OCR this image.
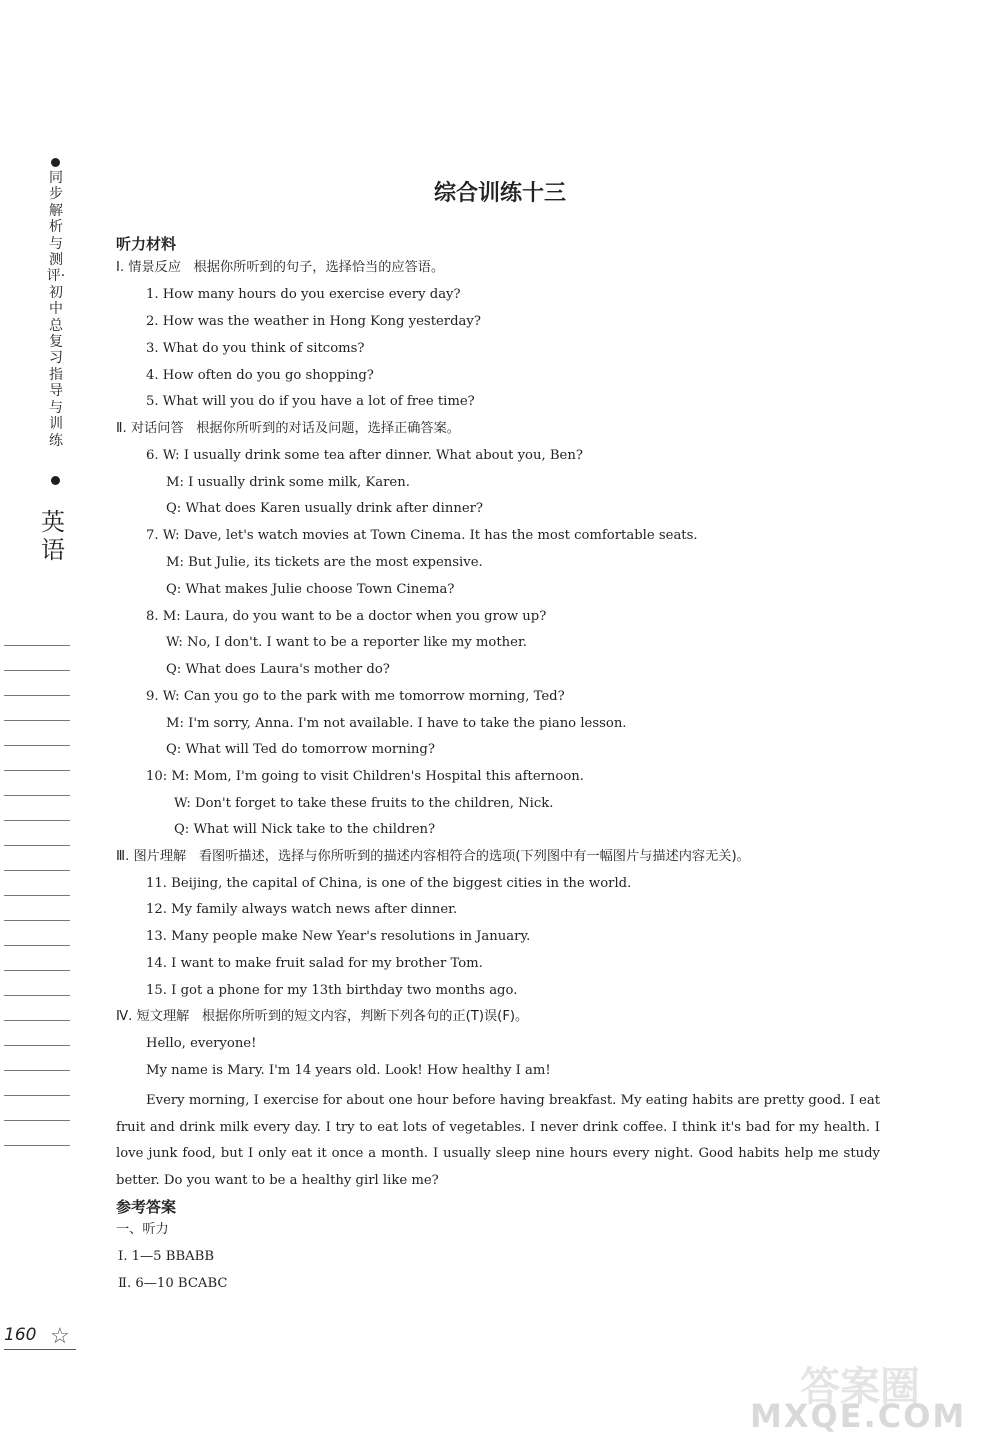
同步解析与测评·初中总复习指导与训练
英语
综合训练十三
听力材料
Ⅰ. 情景反应 根据你所听到的句子，选择恰当的应答语。
1. How many hours do you exercise every day?
2. How was the weather in Hong Kong yesterday?
3. What do you think of sitcoms?
4. How often do you go shopping?
5. What will you do if you have a lot of free time?
Ⅱ. 对话问答 根据你所听到的对话及问题，选择正确答案。
6. W: I usually drink some tea after dinner. What about you, Ben?
M: I usually drink some milk, Karen.
Q: What does Karen usually drink after dinner?
7. W: Dave, let's watch movies at Town Cinema. It has the most comfortable seats.
M: But Julie, its tickets are the most expensive.
Q: What makes Julie choose Town Cinema?
8. M: Laura, do you want to be a doctor when you grow up?
W: No, I don't. I want to be a reporter like my mother.
Q: What does Laura's mother do?
9. W: Can you go to the park with me tomorrow morning, Ted?
M: I'm sorry, Anna. I'm not available. I have to take the piano lesson.
Q: What will Ted do tomorrow morning?
10: M: Mom, I'm going to visit Children's Hospital this afternoon.
W: Don't forget to take these fruits to the children, Nick.
Q: What will Nick take to the children?
Ⅲ. 图片理解 看图听描述，选择与你所听到的描述内容相符合的选项(下列图中有一幅图片与描述内容无关)。
11. Beijing, the capital of China, is one of the biggest cities in the world.
12. My family always watch news after dinner.
13. Many people make New Year's resolutions in January.
14. I want to make fruit salad for my brother Tom.
15. I got a phone for my 13th birthday two months ago.
Ⅳ. 短文理解 根据你所听到的短文内容，判断下列各句的正(T)误(F)。
Hello, everyone!
My name is Mary. I'm 14 years old. Look! How healthy I am!
Every morning, I exercise for about one hour before having breakfast. My eating habits are pretty good. I eat fruit and drink milk every day. I try to eat lots of vegetables. I never drink coffee. I think it's bad for my health. I love junk food, but I only eat it once a month. I usually sleep nine hours every night. Good habits help me study better. Do you want to be a healthy girl like me?
参考答案
一、听力
Ⅰ. 1—5 BBABB
Ⅱ. 6—10 BCABC
160 ☆
答案圈
MXQE.COM
